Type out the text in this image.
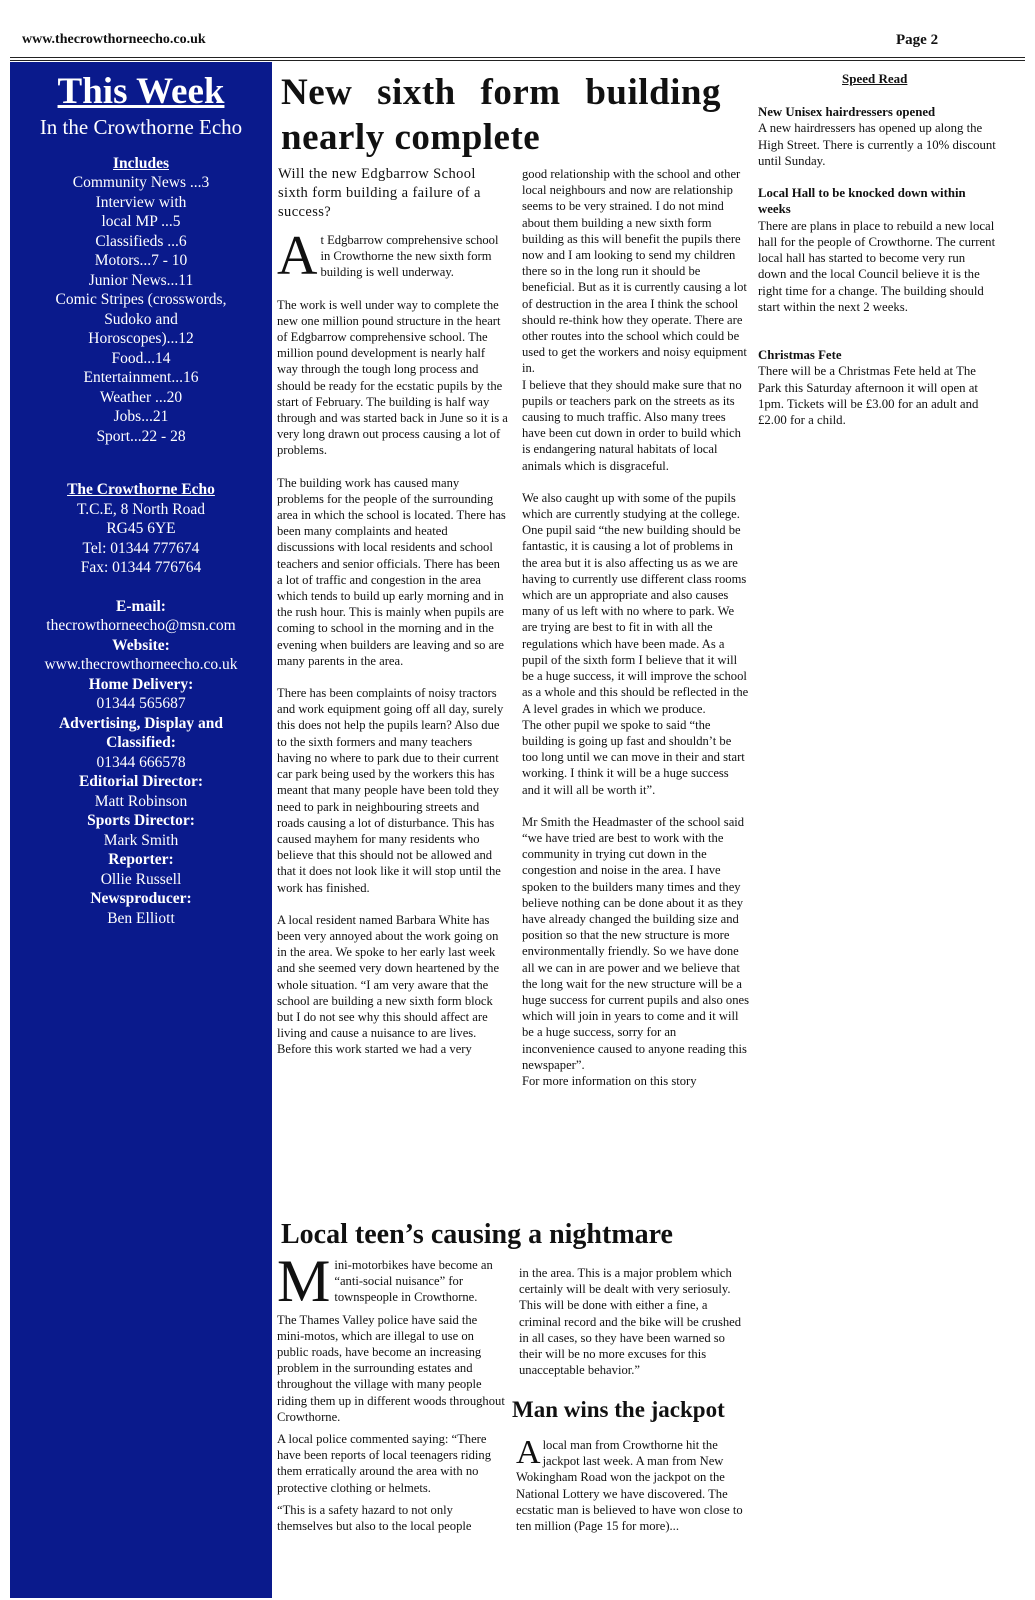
www.thecrowthorneecho.co.uk	Page 2
This Week
In the Crowthorne Echo
Includes
Community News ...3
Interview with
local MP ...5
Classifieds ...6
Motors...7 - 10
Junior News...11
Comic Stripes (crosswords,
Sudoko and
Horoscopes)...12
Food...14
Entertainment...16
Weather ...20
Jobs...21
Sport...22 - 28
The Crowthorne Echo
T.C.E, 8 North Road
RG45 6YE
Tel: 01344 777674
Fax: 01344 776764
E-mail:
thecrowthorneecho@msn.com
Website:
www.thecrowthorneecho.co.uk
Home Delivery:
01344 565687
Advertising, Display and
Classified:
01344 666578
Editorial Director:
Matt Robinson
Sports Director:
Mark Smith
Reporter:
Ollie Russell
Newsproducer:
Ben Elliott
New sixth form building nearly complete
Will the new Edgbarrow School sixth form building a failure of a success?

At Edgbarrow comprehensive school in Crowthorne the new sixth form building is well underway.

The work is well under way to complete the new one million pound structure in the heart of Edgbarrow comprehensive school. The million pound development is nearly half way through the tough long process and should be ready for the ecstatic pupils by the start of February. The building is half way through and was started back in June so it is a very long drawn out process causing a lot of problems.

The building work has caused many problems for the people of the surrounding area in which the school is located. There has been many complaints and heated discussions with local residents and school teachers and senior officials. There has been a lot of traffic and congestion in the area which tends to build up early morning and in the rush hour. This is mainly when pupils are coming to school in the morning and in the evening when builders are leaving and so are many parents in the area.

There has been complaints of noisy tractors and work equipment going off all day, surely this does not help the pupils learn? Also due to the sixth formers and many teachers having no where to park due to their current car park being used by the workers this has meant that many people have been told they need to park in neighbouring streets and roads causing a lot of disturbance. This has caused mayhem for many residents who believe that this should not be allowed and that it does not look like it will stop until the work has finished.

A local resident named Barbara White has been very annoyed about the work going on in the area. We spoke to her early last week and she seemed very down heartened by the whole situation. “I am very aware that the school are building a new sixth form block but I do not see why this should affect are living and cause a nuisance to are lives. Before this work started we had a very

good relationship with the school and other local neighbours and now are relationship seems to be very strained. I do not mind about them building a new sixth form building as this will benefit the pupils there now and I am looking to send my children there so in the long run it should be beneficial. But as it is currently causing a lot of destruction in the area I think the school should re-think how they operate. There are other routes into the school which could be used to get the workers and noisy equipment in.

I believe that they should make sure that no pupils or teachers park on the streets as its causing to much traffic. Also many trees have been cut down in order to build which is endangering natural habitats of local animals which is disgraceful.

We also caught up with some of the pupils which are currently studying at the college. One pupil said “the new building should be fantastic, it is causing a lot of problems in the area but it is also affecting us as we are having to currently use different class rooms which are un appropriate and also causes many of us left with no where to park. We are trying are best to fit in with all the regulations which have been made. As a pupil of the sixth form I believe that it will be a huge success, it will improve the school as a whole and this should be reflected in the A level grades in which we produce.

The other pupil we spoke to said “the building is going up fast and shouldn’t be too long until we can move in their and start working. I think it will be a huge success and it will all be worth it”.

Mr Smith the Headmaster of the school said “we have tried are best to work with the community in trying cut down in the congestion and noise in the area. I have spoken to the builders many times and they believe nothing can be done about it as they have already changed the building size and position so that the new structure is more environmentally friendly. So we have done all we can in are power and we believe that the long wait for the new structure will be a huge success for current pupils and also ones which will join in years to come and it will be a huge success, sorry for an inconvenience caused to anyone reading this newspaper”.

For more information on this story

Speed Read
New Unisex hairdressers opened
A new hairdressers has opened up along the High Street. There is currently a 10% discount until Sunday.
Local Hall to be knocked down within weeks
There are plans in place to rebuild a new local hall for the people of Crowthorne. The current local hall has started to become very run down and the local Council believe it is the right time for a change. The building should start within the next 2 weeks.
Christmas Fete
There will be a Christmas Fete held at The Park this Saturday afternoon it will open at 1pm. Tickets will be £3.00 for an adult and £2.00 for a child.
Local teen’s causing a nightmare

Mini-motorbikes have become an “anti-social nuisance” for townspeople in Crowthorne.

The Thames Valley police have said the mini-motos, which are illegal to use on public roads, have become an increasing problem in the surrounding estates and throughout the village with many people riding them up in different woods throughout Crowthorne.

A local police commented saying: “There have been reports of local teenagers riding them erratically around the area with no protective clothing or helmets.

“This is a safety hazard to not only themselves but also to the local people

in the area. This is a major problem which certainly will be dealt with very seriosuly. This will be done with either a fine, a criminal record and the bike will be crushed in all cases, so they have been warned so their will be no more excuses for this unacceptable behavior.”

Man wins the jackpot

Alocal man from Crowthorne hit the jackpot last week. A man from New Wokingham Road won the jackpot on the National Lottery we have discovered. The ecstatic man is believed to have won close to ten million (Page 15 for more)...
